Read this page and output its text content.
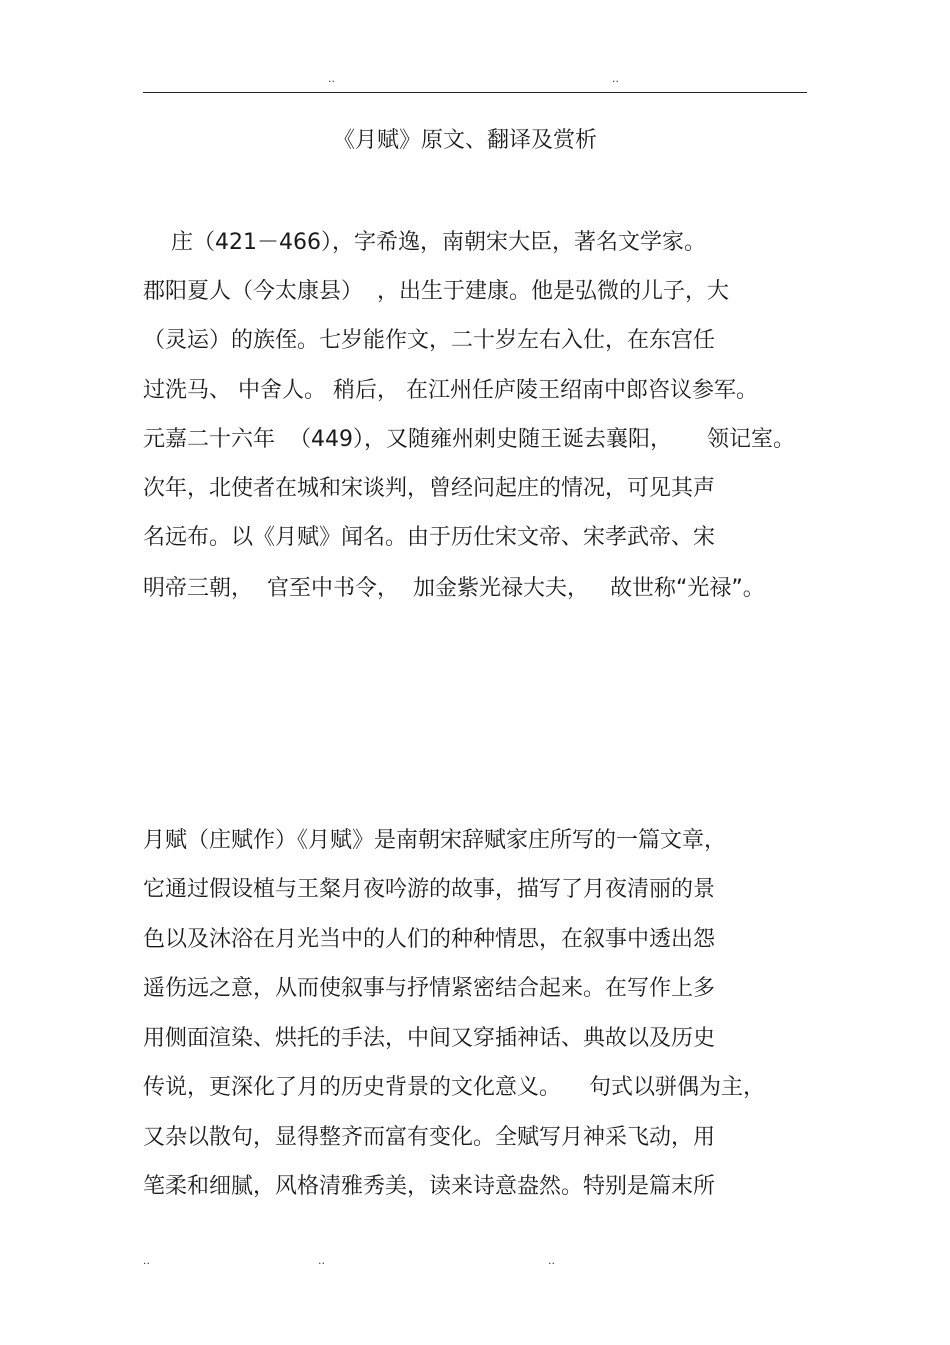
..	..
《月赋》原文、翻译及赏析
庄（421－466），字希逸，南朝宋大臣，著名文学家。
郡阳夏人（今太康县）  ，出生于建康。他是弘微的儿子，大
（灵运）的族侄。七岁能作文，二十岁左右入仕，在东宫任
过洗马、 中舍人。 稍后， 在江州任庐陵王绍南中郎咨议参军。
元嘉二十六年  （449），又随雍州刺史随王诞去襄阳，     领记室。
次年，北使者在城和宋谈判，曾经问起庄的情况，可见其声
名远布。以《月赋》闻名。由于历仕宋文帝、宋孝武帝、宋
明帝三朝，  官至中书令，  加金紫光禄大夫，   故世称“光禄”。
月赋（庄赋作）《月赋》是南朝宋辞赋家庄所写的一篇文章，
它通过假设植与王粲月夜吟游的故事，描写了月夜清丽的景
色以及沐浴在月光当中的人们的种种情思，在叙事中透出怨
遥伤远之意，从而使叙事与抒情紧密结合起来。在写作上多
用侧面渲染、烘托的手法，中间又穿插神话、典故以及历史
传说，更深化了月的历史背景的文化意义。    句式以骈偶为主，
又杂以散句，显得整齐而富有变化。全赋写月神采飞动，用
笔柔和细腻，风格清雅秀美，读来诗意盎然。特别是篇末所
..	..	..
